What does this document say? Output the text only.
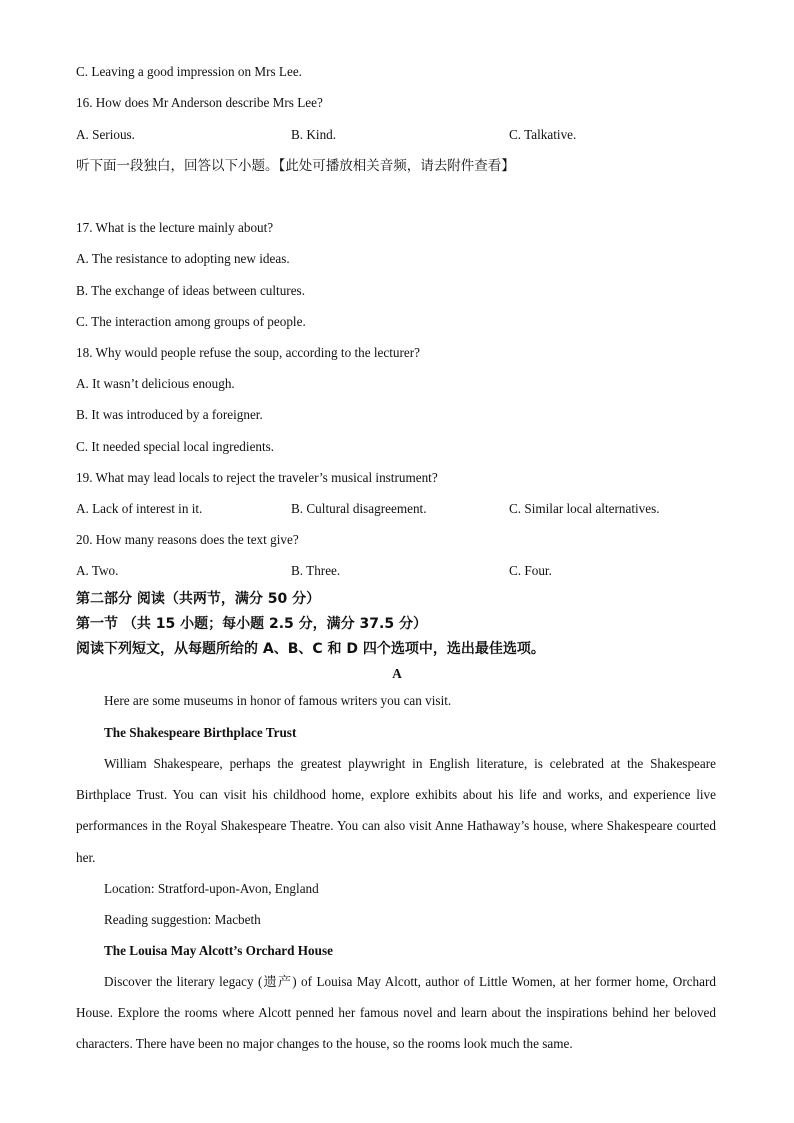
C. Leaving a good impression on Mrs Lee.
16. How does Mr Anderson describe Mrs Lee?
A. Serious.	B. Kind.	C. Talkative.
听下面一段独白，回答以下小题。【此处可播放相关音频，请去附件查看】
17. What is the lecture mainly about?
A. The resistance to adopting new ideas.
B. The exchange of ideas between cultures.
C. The interaction among groups of people.
18. Why would people refuse the soup, according to the lecturer?
A. It wasn’t delicious enough.
B. It was introduced by a foreigner.
C. It needed special local ingredients.
19. What may lead locals to reject the traveler’s musical instrument?
A. Lack of interest in it.	B. Cultural disagreement.	C. Similar local alternatives.
20. How many reasons does the text give?
A. Two.	B. Three.	C. Four.
第二部分 阅读（共两节，满分 50 分）
第一节 （共 15 小题；每小题 2.5 分，满分 37.5 分）
阅读下列短文，从每题所给的 A、B、C 和 D 四个选项中，选出最佳选项。
A
Here are some museums in honor of famous writers you can visit.
The Shakespeare Birthplace Trust
William Shakespeare, perhaps the greatest playwright in English literature, is celebrated at the Shakespeare Birthplace Trust. You can visit his childhood home, explore exhibits about his life and works, and experience live performances in the Royal Shakespeare Theatre. You can also visit Anne Hathaway’s house, where Shakespeare courted her.
Location: Stratford-upon-Avon, England
Reading suggestion: Macbeth
The Louisa May Alcott’s Orchard House
Discover the literary legacy (遗产) of Louisa May Alcott, author of Little Women, at her former home, Orchard House. Explore the rooms where Alcott penned her famous novel and learn about the inspirations behind her beloved characters. There have been no major changes to the house, so the rooms look much the same.
